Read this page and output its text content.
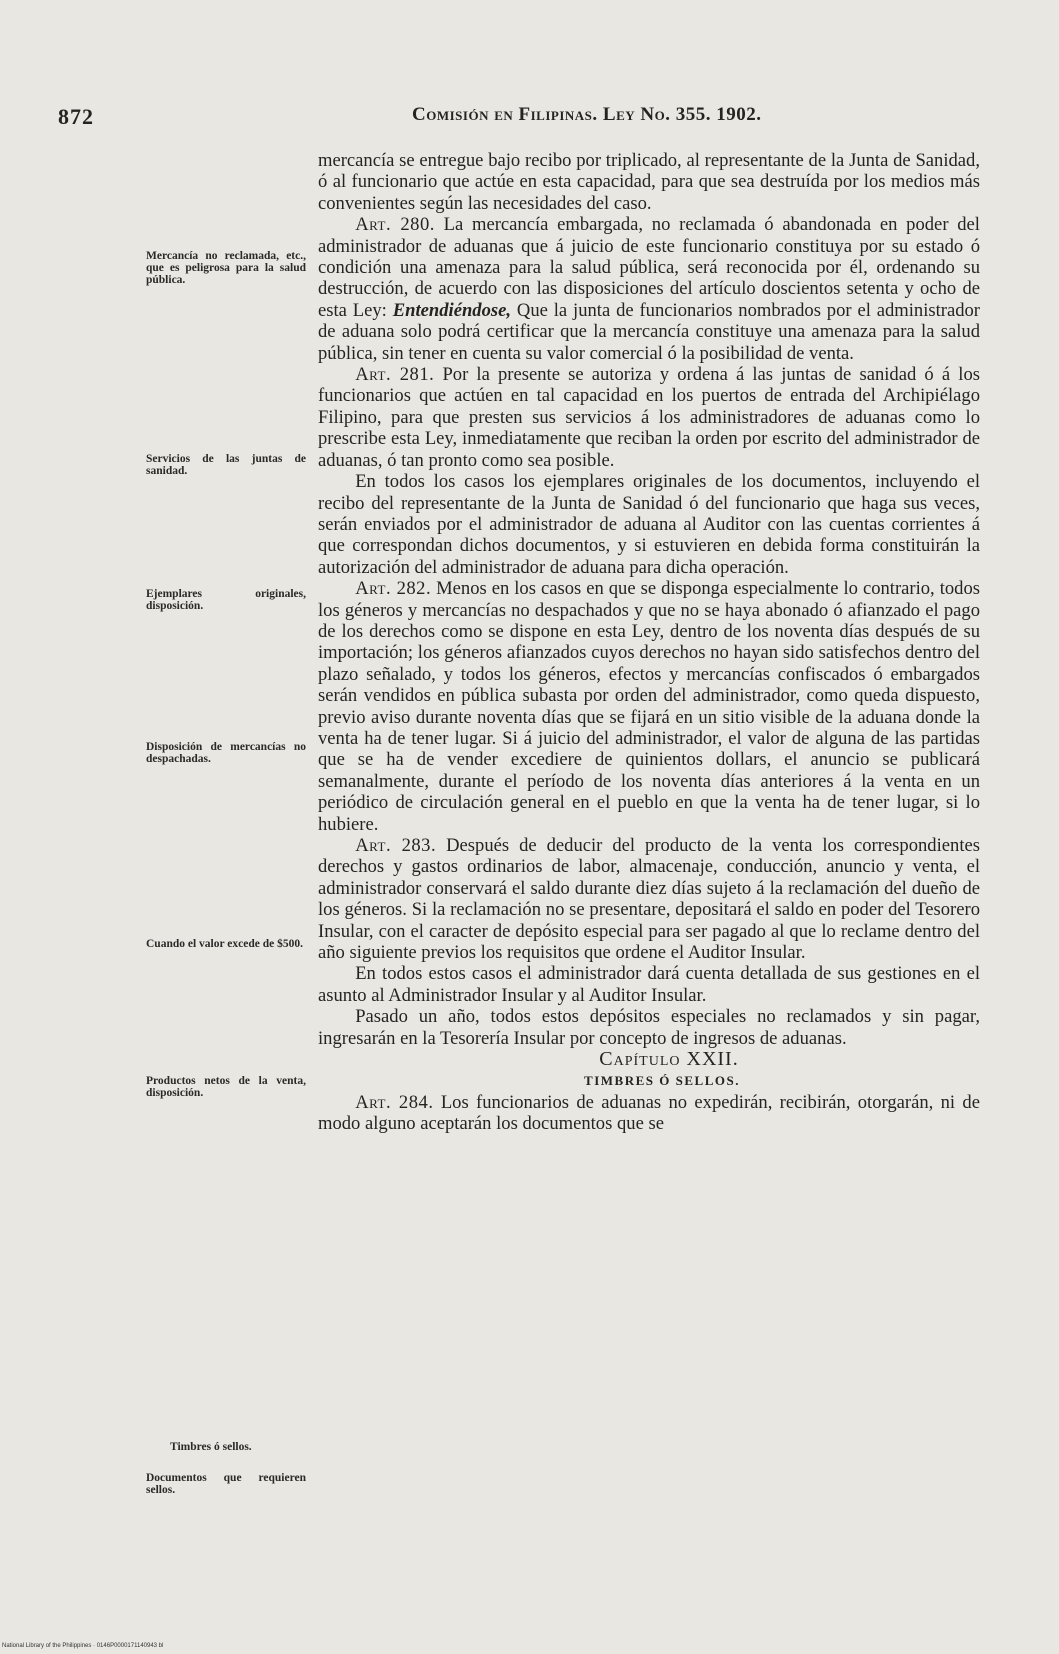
872	Comisión en Filipinas. Ley No. 355. 1902.
Mercancía no reclamada, etc., que es peligrosa para la salud pública.
Servicios de las juntas de sanidad.
Ejemplares originales, disposición.
Disposición de mercancías no despachadas.
Cuando el valor excede de $500.
Productos netos de la venta, disposición.
Timbres ó sellos.
Documentos que requieren sellos.

mercancía se entregue bajo recibo por triplicado, al representante de la Junta de Sanidad, ó al funcionario que actúe en esta capacidad, para que sea destruída por los medios más convenientes según las necesidades del caso.

Art. 280. La mercancía embargada, no reclamada ó abandonada en poder del administrador de aduanas que á juicio de este funcionario constituya por su estado ó condición una amenaza para la salud pública, será reconocida por él, ordenando su destrucción, de acuerdo con las disposiciones del artículo doscientos setenta y ocho de esta Ley: Entendiéndose, Que la junta de funcionarios nombrados por el administrador de aduana solo podrá certificar que la mercancía constituye una amenaza para la salud pública, sin tener en cuenta su valor comercial ó la posibilidad de venta.

Art. 281. Por la presente se autoriza y ordena á las juntas de sanidad ó á los funcionarios que actúen en tal capacidad en los puertos de entrada del Archipiélago Filipino, para que presten sus servicios á los administradores de aduanas como lo prescribe esta Ley, inmediatamente que reciban la orden por escrito del administrador de aduanas, ó tan pronto como sea posible.

En todos los casos los ejemplares originales de los documentos, incluyendo el recibo del representante de la Junta de Sanidad ó del funcionario que haga sus veces, serán enviados por el administrador de aduana al Auditor con las cuentas corrientes á que correspondan dichos documentos, y si estuvieren en debida forma constituirán la autorización del administrador de aduana para dicha operación.

Art. 282. Menos en los casos en que se disponga especialmente lo contrario, todos los géneros y mercancías no despachados y que no se haya abonado ó afianzado el pago de los derechos como se dispone en esta Ley, dentro de los noventa días después de su importación; los géneros afianzados cuyos derechos no hayan sido satisfechos dentro del plazo señalado, y todos los géneros, efectos y mercancías confiscados ó embargados serán vendidos en pública subasta por orden del administrador, como queda dispuesto, previo aviso durante noventa días que se fijará en un sitio visible de la aduana donde la venta ha de tener lugar. Si á juicio del administrador, el valor de alguna de las partidas que se ha de vender excediere de quinientos dollars, el anuncio se publicará semanalmente, durante el período de los noventa días anteriores á la venta en un periódico de circulación general en el pueblo en que la venta ha de tener lugar, si lo hubiere.

Art. 283. Después de deducir del producto de la venta los correspondientes derechos y gastos ordinarios de labor, almacenaje, conducción, anuncio y venta, el administrador conservará el saldo durante diez días sujeto á la reclamación del dueño de los géneros. Si la reclamación no se presentare, depositará el saldo en poder del Tesorero Insular, con el caracter de depósito especial para ser pagado al que lo reclame dentro del año siguiente previos los requisitos que ordene el Auditor Insular.

En todos estos casos el administrador dará cuenta detallada de sus gestiones en el asunto al Administrador Insular y al Auditor Insular.

Pasado un año, todos estos depósitos especiales no reclamados y sin pagar, ingresarán en la Tesorería Insular por concepto de ingresos de aduanas.

Capítulo XXII.

TIMBRES Ó SELLOS.

Art. 284. Los funcionarios de aduanas no expedirán, recibirán, otorgarán, ni de modo alguno aceptarán los documentos que se

National Library of the Philippines · 0146P0000171140943 bl
